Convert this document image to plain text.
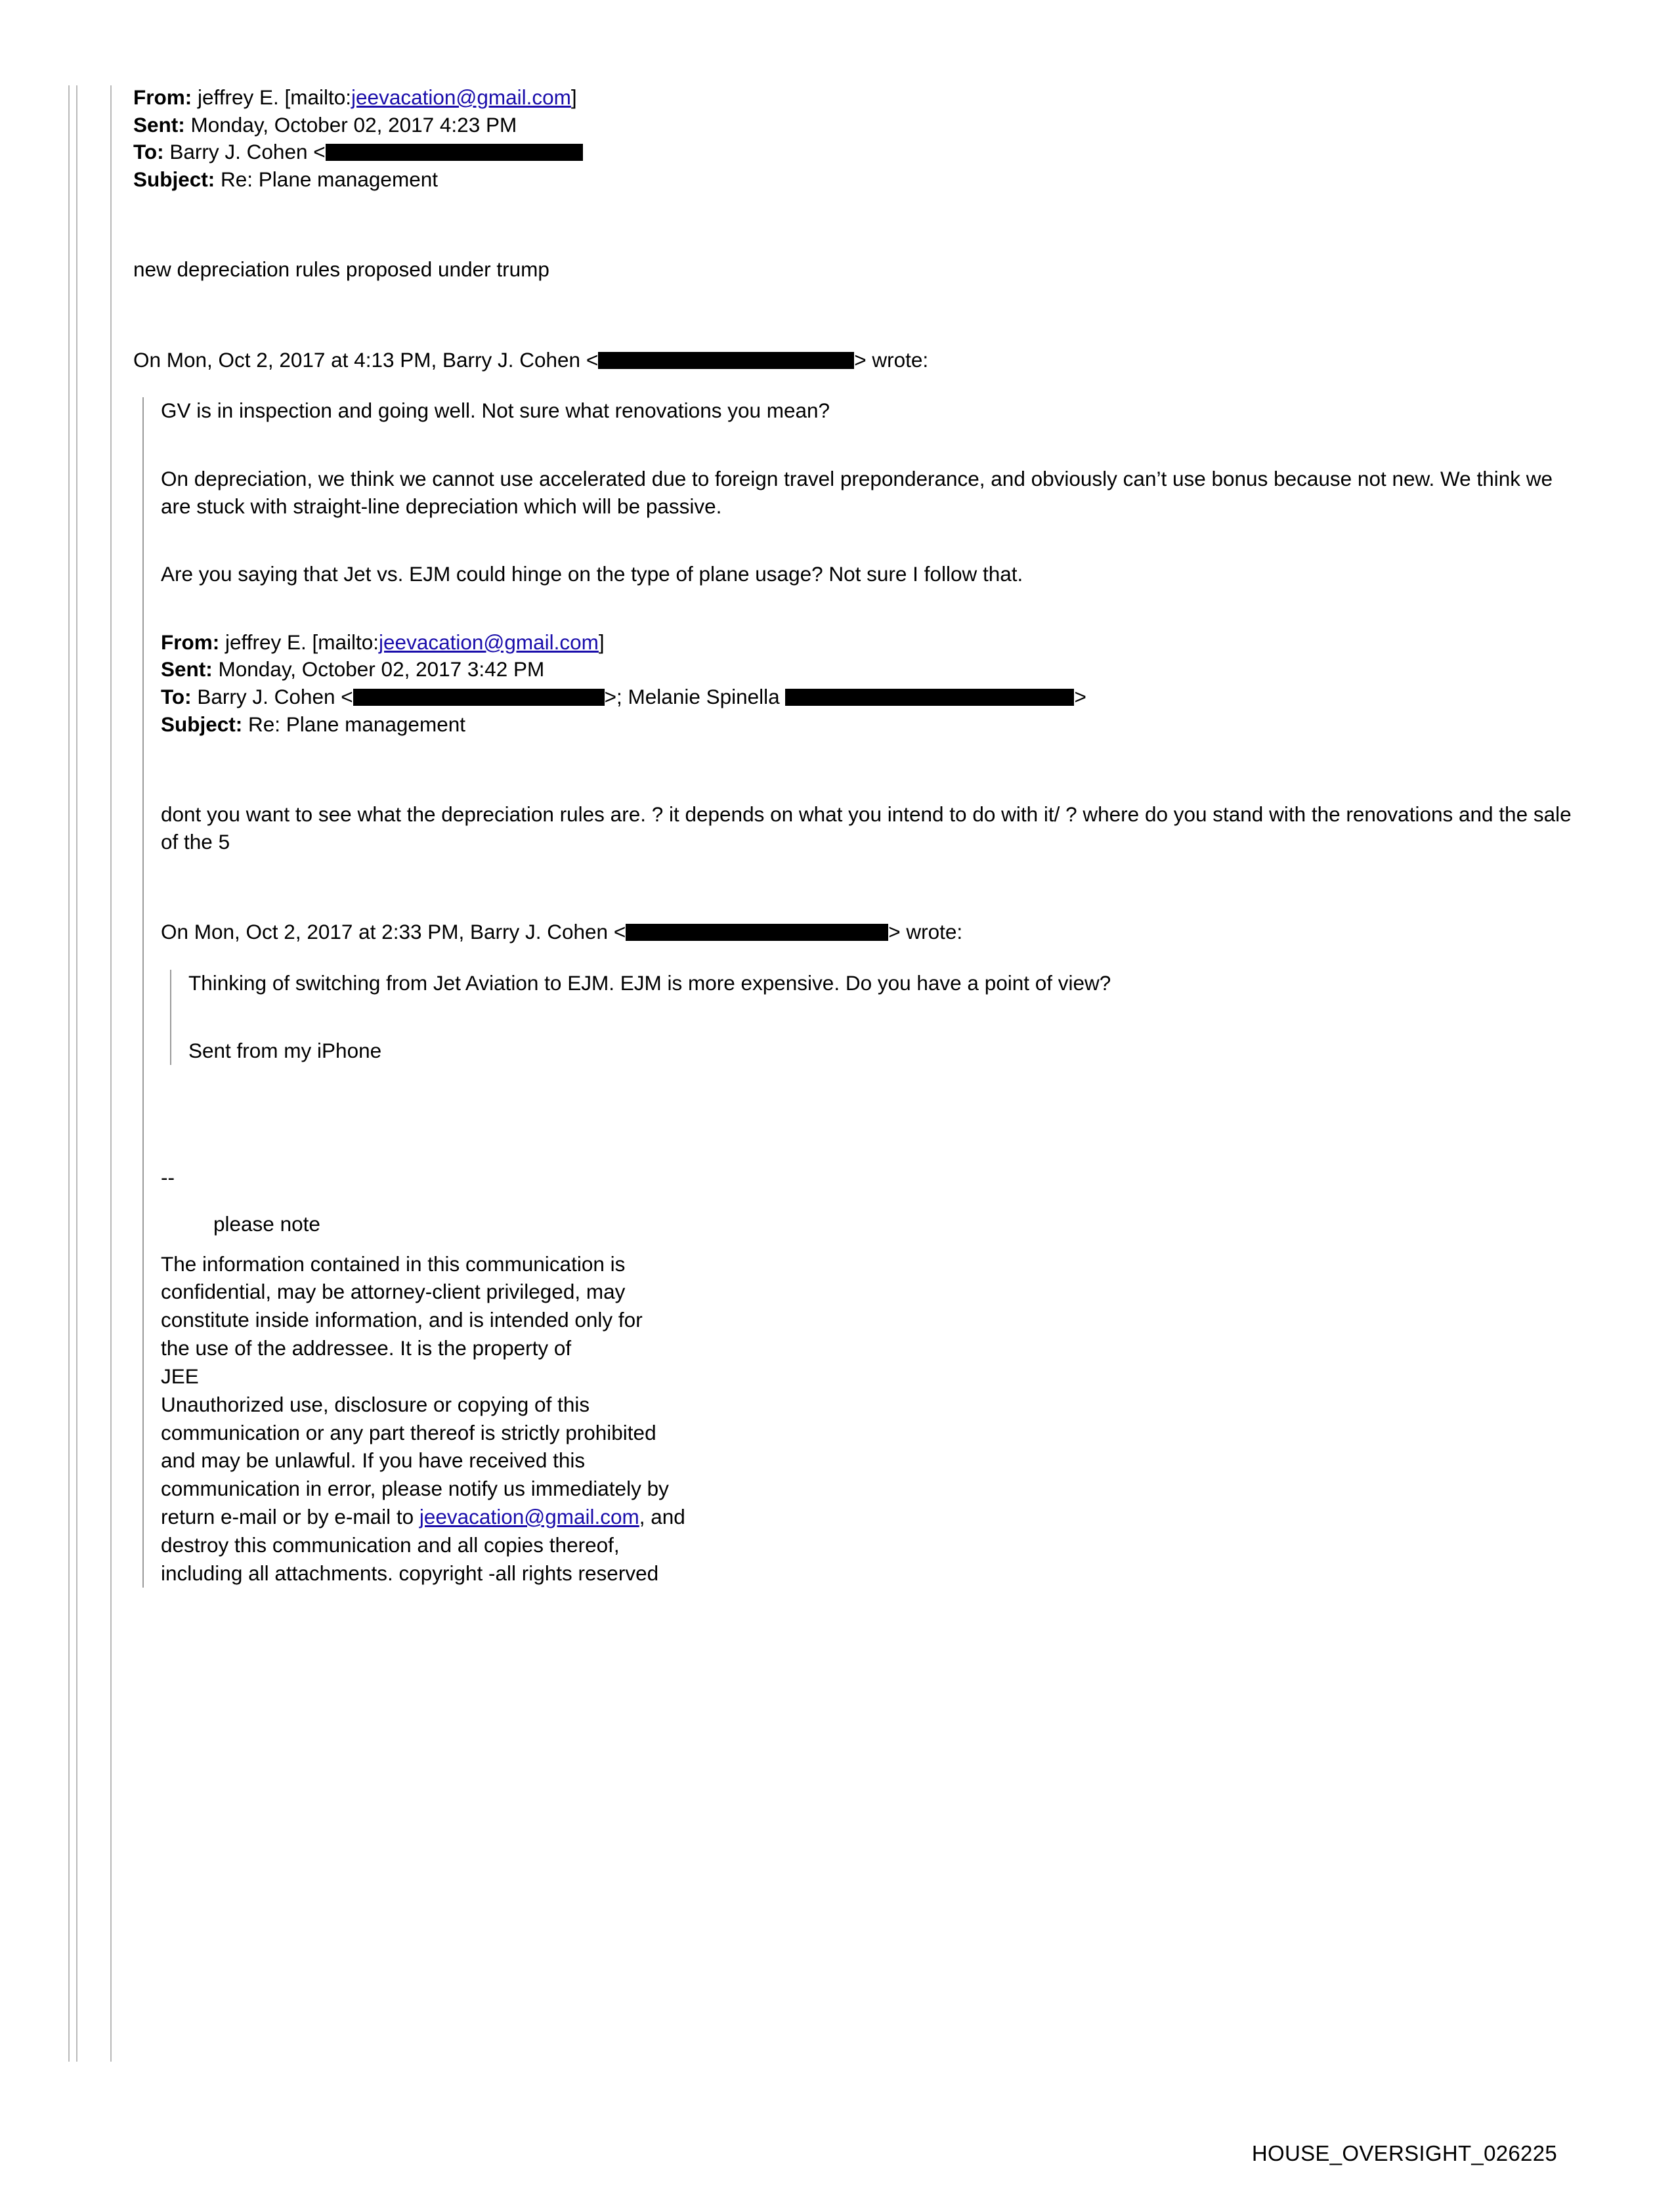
From: jeffrey E. [mailto:jeevacation@gmail.com]
Sent: Monday, October 02, 2017 4:23 PM
To: Barry J. Cohen <
Subject: Re: Plane management

new depreciation rules proposed under trump

On Mon, Oct 2, 2017 at 4:13 PM, Barry J. Cohen <	> wrote:

GV is in inspection and going well. Not sure what renovations you mean?

On depreciation, we think we cannot use accelerated due to foreign travel preponderance, and obviously can’t use bonus because not new. We think we are stuck with straight-line depreciation which will be passive.

Are you saying that Jet vs. EJM could hinge on the type of plane usage? Not sure I follow that.

From: jeffrey E. [mailto:jeevacation@gmail.com]
Sent: Monday, October 02, 2017 3:42 PM
To: Barry J. Cohen <	>; Melanie Spinella	>
Subject: Re: Plane management

dont you want to see what the depreciation rules are. ? it depends on what you intend to do with it/ ? where do you stand with the renovations and the sale of the 5

On Mon, Oct 2, 2017 at 2:33 PM, Barry J. Cohen <	> wrote:

Thinking of switching from Jet Aviation to EJM. EJM is more expensive. Do you have a point of view?

Sent from my iPhone

--

please note

The information contained in this communication is

confidential, may be attorney-client privileged, may

constitute inside information, and is intended only for

the use of the addressee. It is the property of

JEE

Unauthorized use, disclosure or copying of this

communication or any part thereof is strictly prohibited

and may be unlawful. If you have received this

communication in error, please notify us immediately by

return e-mail or by e-mail to jeevacation@gmail.com, and

destroy this communication and all copies thereof,

including all attachments. copyright -all rights reserved

HOUSE_OVERSIGHT_026225
